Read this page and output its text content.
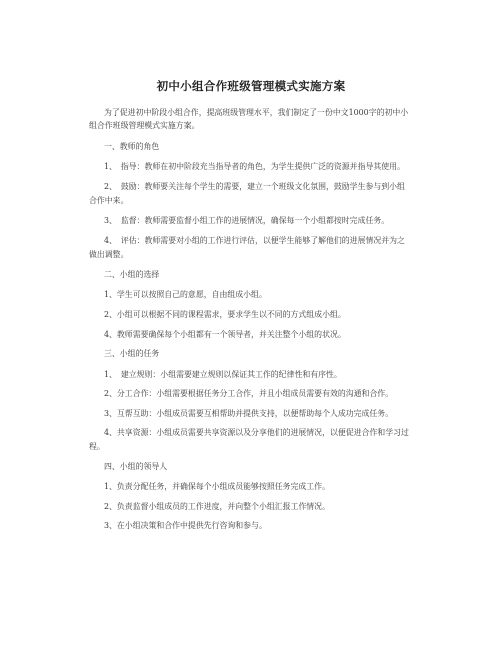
初中小组合作班级管理模式实施方案

为了促进初中阶段小组合作，提高班级管理水平，我们制定了一份中文1000字的初中小组合作班级管理模式实施方案。

一、教师的角色

1、　指导：教师在初中阶段充当指导者的角色，为学生提供广泛的资源并指导其使用。

2、　鼓励：教师要关注每个学生的需要，建立一个班级文化氛围，鼓励学生参与到小组合作中来。

3、　监督：教师需要监督小组工作的进展情况，确保每一个小组都按时完成任务。

4、　评估：教师需要对小组的工作进行评估，以便学生能够了解他们的进展情况并为之做出调整。

二、小组的选择

1、学生可以按照自己的意愿，自由组成小组。

2、小组可以根据不同的课程需求，要求学生以不同的方式组成小组。

4、教师需要确保每个小组都有一个领导者，并关注整个小组的状况。

三、小组的任务

1、　建立规则：小组需要建立规则以保证其工作的纪律性和有序性。

2、分工合作：小组需要根据任务分工合作，并且小组成员需要有效的沟通和合作。

3、互帮互助：小组成员需要互相帮助并提供支持，以便帮助每个人成功完成任务。

4、共享资源：小组成员需要共享资源以及分享他们的进展情况，以便促进合作和学习过程。

四、小组的领导人

1、负责分配任务，并确保每个小组成员能够按照任务完成工作。

2、负责监督小组成员的工作进度，并向整个小组汇报工作情况。

3、在小组决策和合作中提供先行咨询和参与。
